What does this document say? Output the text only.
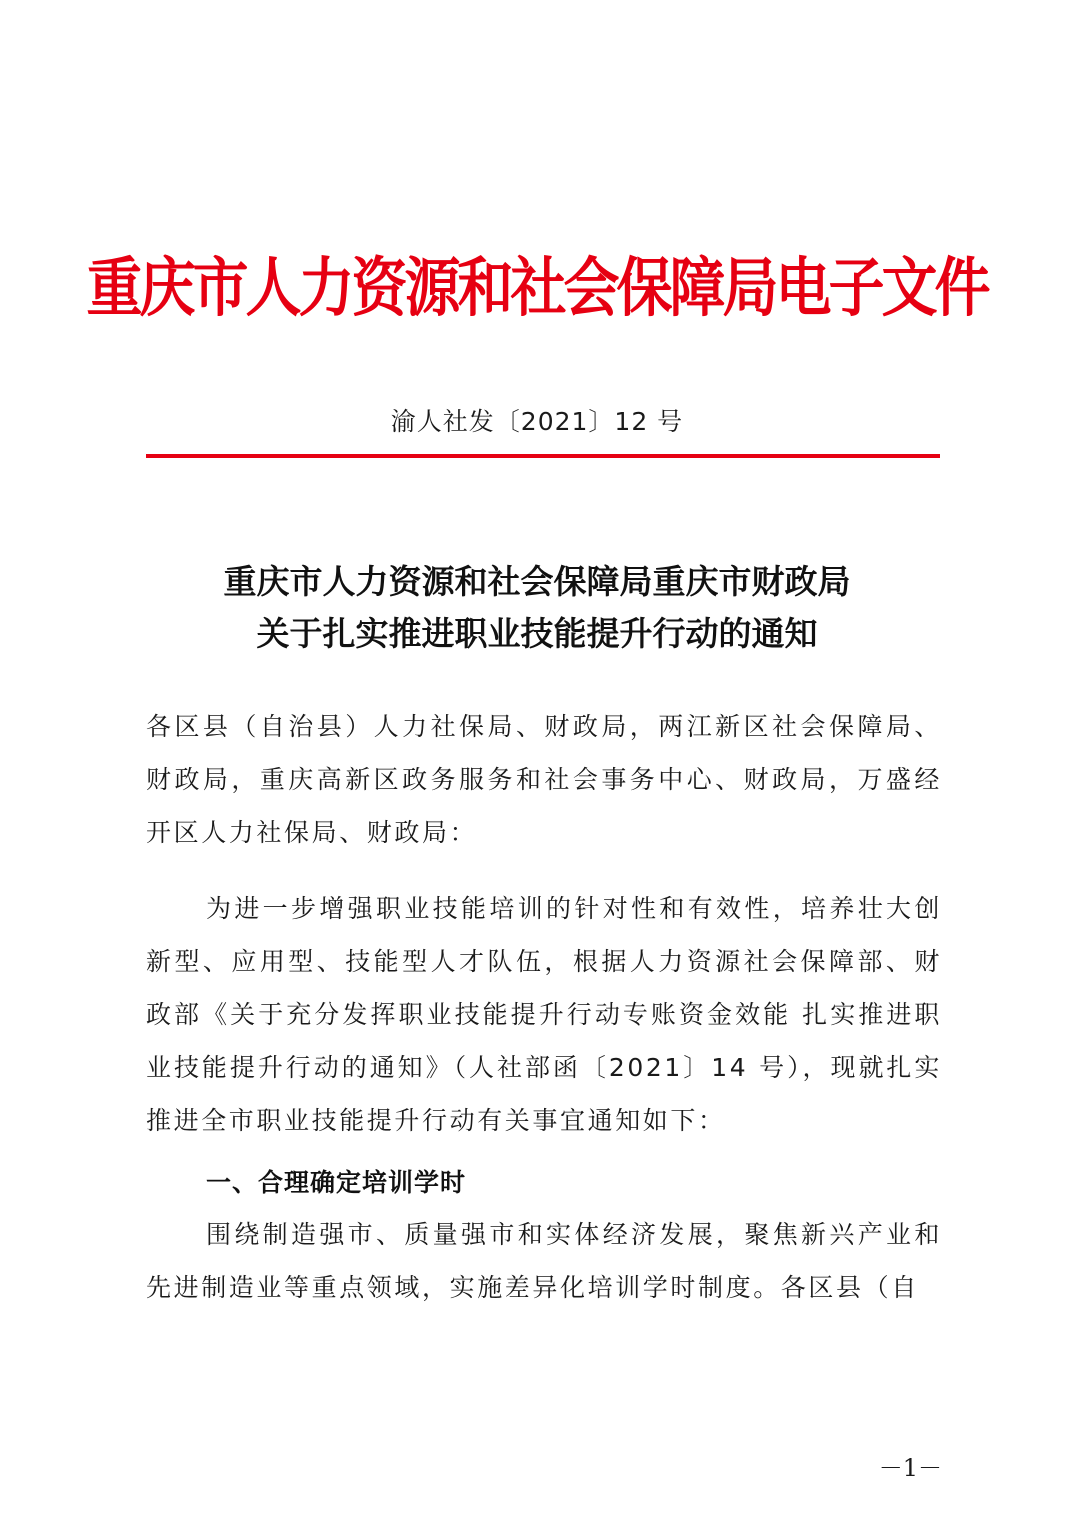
重庆市人力资源和社会保障局电子文件
渝人社发〔2021〕12 号
重庆市人力资源和社会保障局重庆市财政局
关于扎实推进职业技能提升行动的通知
各区县（自治县）人力社保局、财政局，两江新区社会保障局、财政局，重庆高新区政务服务和社会事务中心、财政局，万盛经开区人力社保局、财政局：
为进一步增强职业技能培训的针对性和有效性，培养壮大创新型、应用型、技能型人才队伍，根据人力资源社会保障部、财政部《关于充分发挥职业技能提升行动专账资金效能 扎实推进职业技能提升行动的通知》（人社部函〔2021〕14 号），现就扎实推进全市职业技能提升行动有关事宜通知如下：
一、合理确定培训学时
围绕制造强市、质量强市和实体经济发展，聚焦新兴产业和先进制造业等重点领域，实施差异化培训学时制度。各区县（自
－1－
